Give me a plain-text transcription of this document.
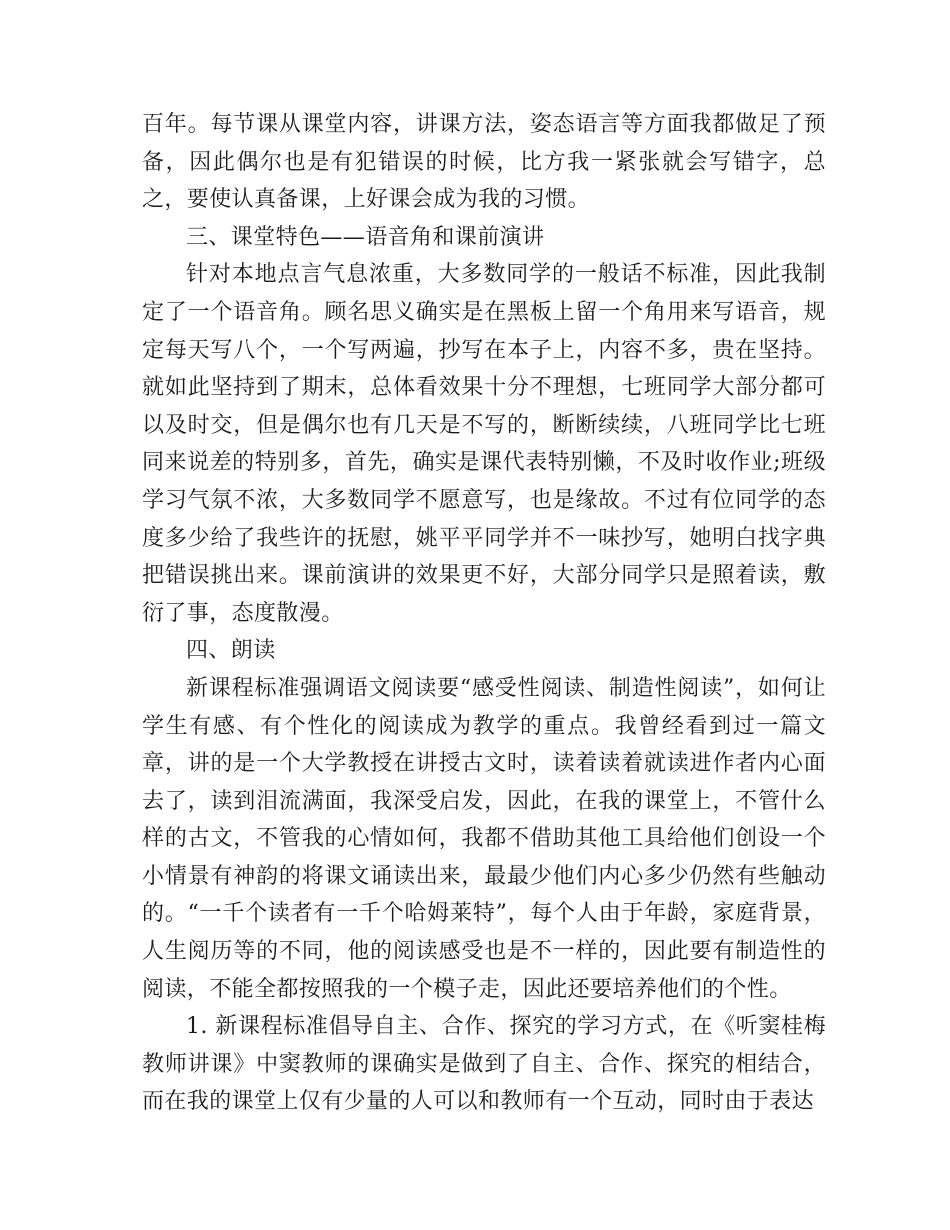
百年。每节课从课堂内容，讲课方法，姿态语言等方面我都做足了预备，因此偶尔也是有犯错误的时候，比方我一紧张就会写错字，总之，要使认真备课，上好课会成为我的习惯。

三、课堂特色——语音角和课前演讲

针对本地点言气息浓重，大多数同学的一般话不标准，因此我制定了一个语音角。顾名思义确实是在黑板上留一个角用来写语音，规定每天写八个，一个写两遍，抄写在本子上，内容不多，贵在坚持。就如此坚持到了期末，总体看效果十分不理想，七班同学大部分都可以及时交，但是偶尔也有几天是不写的，断断续续，八班同学比七班同来说差的特别多，首先，确实是课代表特别懒，不及时收作业;班级学习气氛不浓，大多数同学不愿意写，也是缘故。不过有位同学的态度多少给了我些许的抚慰，姚平平同学并不一味抄写，她明白找字典把错误挑出来。课前演讲的效果更不好，大部分同学只是照着读，敷衍了事，态度散漫。

四、朗读

新课程标准强调语文阅读要“感受性阅读、制造性阅读”，如何让学生有感、有个性化的阅读成为教学的重点。我曾经看到过一篇文章，讲的是一个大学教授在讲授古文时，读着读着就读进作者内心面去了，读到泪流满面，我深受启发，因此，在我的课堂上，不管什么样的古文，不管我的心情如何，我都不借助其他工具给他们创设一个小情景有神韵的将课文诵读出来，最最少他们内心多少仍然有些触动的。“一千个读者有一千个哈姆莱特”，每个人由于年龄，家庭背景，人生阅历等的不同，他的阅读感受也是不一样的，因此要有制造性的阅读，不能全都按照我的一个模子走，因此还要培养他们的个性。

1. 新课程标准倡导自主、合作、探究的学习方式，在《听窦桂梅教师讲课》中窦教师的课确实是做到了自主、合作、探究的相结合，而在我的课堂上仅有少量的人可以和教师有一个互动，同时由于表达
